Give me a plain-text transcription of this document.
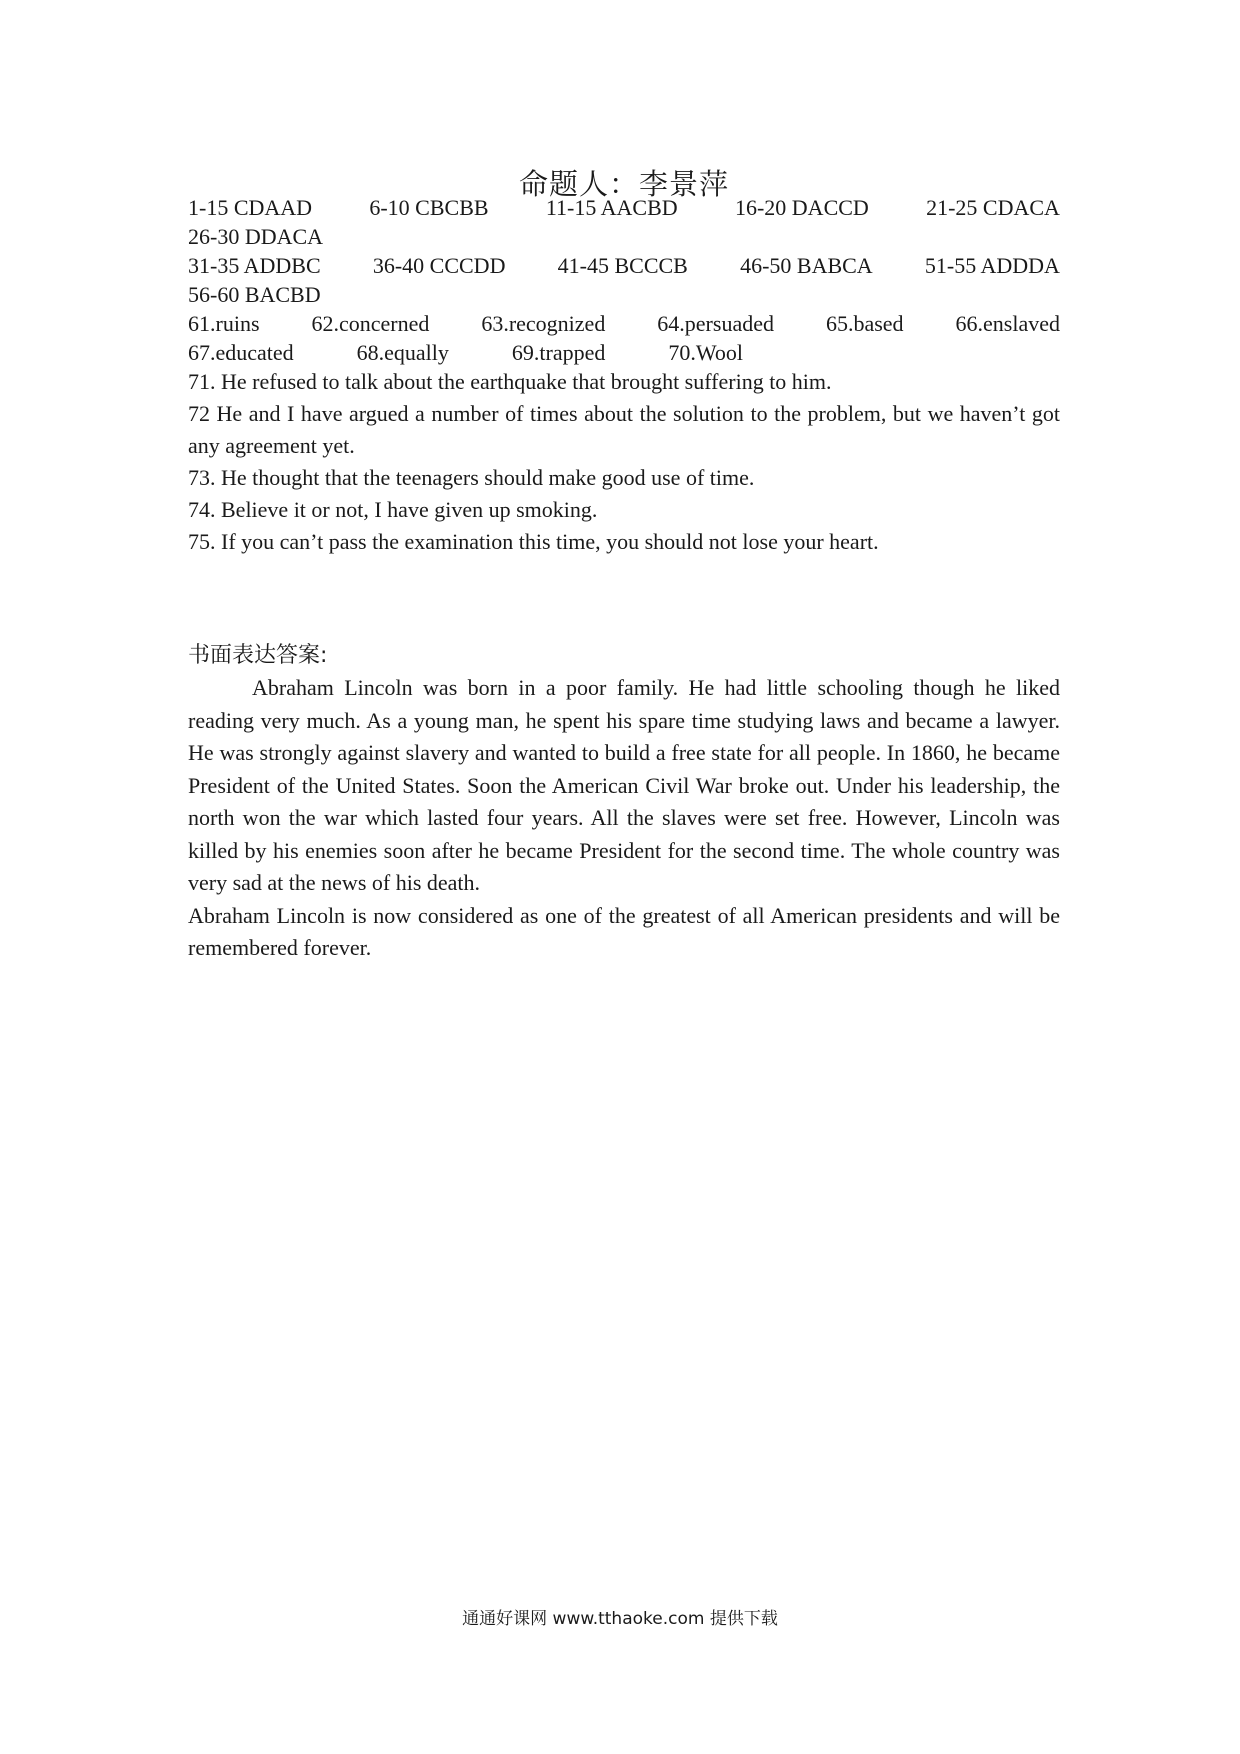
命题人：李景萍
1-15 CDAAD	6-10 CBCBB	11-15 AACBD	16-20 DACCD	21-25 CDACA
26-30 DDACA
31-35 ADDBC 36-40 CCCDD 41-45 BCCCB 46-50 BABCA 51-55 ADDDA
56-60 BACBD
61.ruins 62.concerned 63.recognized 64.persuaded 65.based 66.enslaved
67.educated	68.equally	69.trapped	70.Wool

71. He refused to talk about the earthquake that brought suffering to him.

72 He and I have argued a number of times about the solution to the problem, but we haven’t got any agreement yet.

73. He thought that the teenagers should make good use of time.

74. Believe it or not, I have given up smoking.

75. If you can’t pass the examination this time, you should not lose your heart.

书面表达答案:

Abraham Lincoln was born in a poor family. He had little schooling though he liked reading very much. As a young man, he spent his spare time studying laws and became a lawyer. He was strongly against slavery and wanted to build a free state for all people. In 1860, he became President of the United States. Soon the American Civil War broke out. Under his leadership, the north won the war which lasted four years. All the slaves were set free. However, Lincoln was killed by his enemies soon after he became President for the second time. The whole country was very sad at the news of his death.

Abraham Lincoln is now considered as one of the greatest of all American presidents and will be remembered forever.

通通好课网 www.tthaoke.com 提供下载
